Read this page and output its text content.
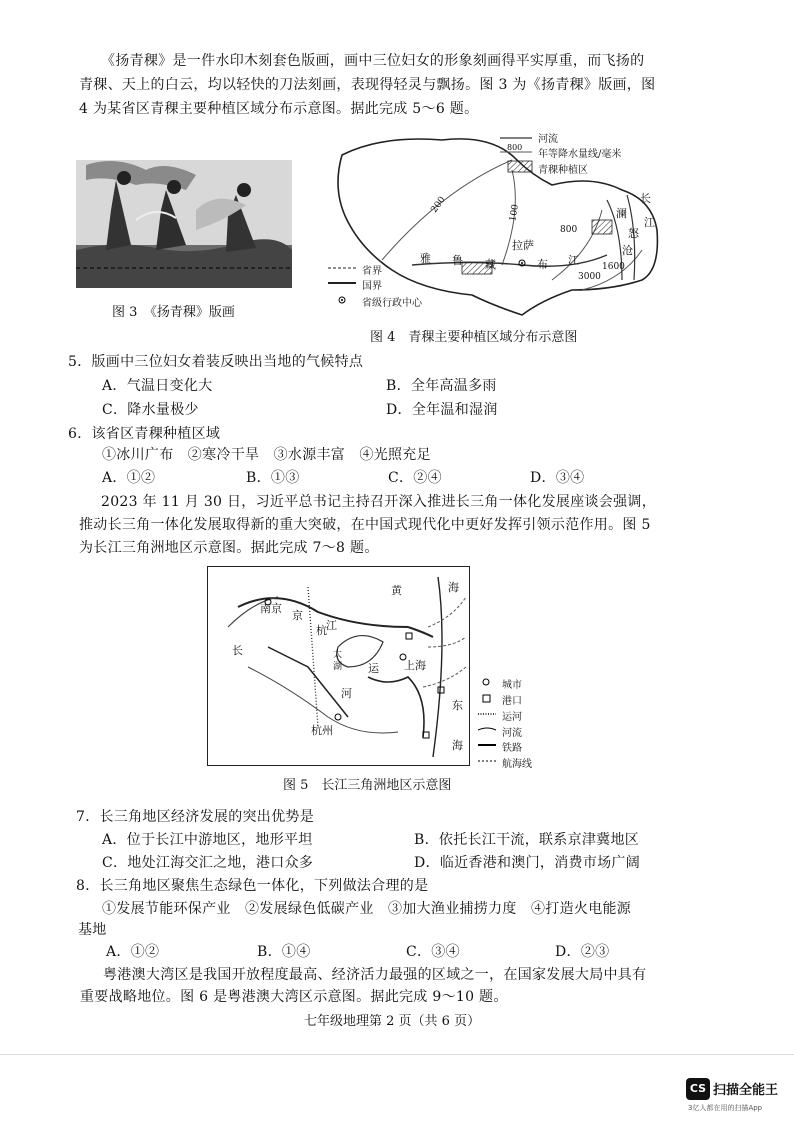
《扬青稞》是一件水印木刻套色版画，画中三位妇女的形象刻画得平实厚重，而飞扬的
青稞、天上的白云，均以轻快的刀法刻画，表现得轻灵与飘扬。图 3 为《扬青稞》版画，图
4 为某省区青稞主要种植区域分布示意图。据此完成 5～6 题。
图 3　《扬青稞》版画
河流
800
年等降水量线/毫米
青稞种植区
省界
国界
省级行政中心
200	100
800
1600
3000
拉萨
雅 鲁 藏	布 江
澜
怒
沧
长
江
图 4　青稞主要种植区域分布示意图
5．版画中三位妇女着装反映出当地的气候特点
A．气温日变化大	B．全年高温多雨
C．降水量极少	D．全年温和湿润
6．该省区青稞种植区域
①冰川广布　②寒冷干旱　③水源丰富　④光照充足
A．①②	B．①③	C．②④	D．③④
2023 年 11 月 30 日，习近平总书记主持召开深入推进长三角一体化发展座谈会强调，
推动长三角一体化发展取得新的重大突破，在中国式现代化中更好发挥引领示范作用。图 5
为长江三角洲地区示意图。据此完成 7～8 题。
南京
京
江
杭
黄	海
长	太
湖 运
河
上海
杭州
东
海
城市
港口
运河
河流
铁路
航海线
图 5　长江三角洲地区示意图
7．长三角地区经济发展的突出优势是
A．位于长江中游地区，地形平坦	B．依托长江干流，联系京津冀地区
C．地处江海交汇之地，港口众多	D．临近香港和澳门，消费市场广阔
8．长三角地区聚焦生态绿色一体化，下列做法合理的是
①发展节能环保产业　②发展绿色低碳产业　③加大渔业捕捞力度　④打造火电能源
基地
A．①②	B．①④	C．③④	D．②③
粤港澳大湾区是我国开放程度最高、经济活力最强的区域之一，在国家发展大局中具有
重要战略地位。图 6 是粤港澳大湾区示意图。据此完成 9～10 题。
七年级地理第 2 页（共 6 页）
CS 扫描全能王
3亿人都在用的扫描App
